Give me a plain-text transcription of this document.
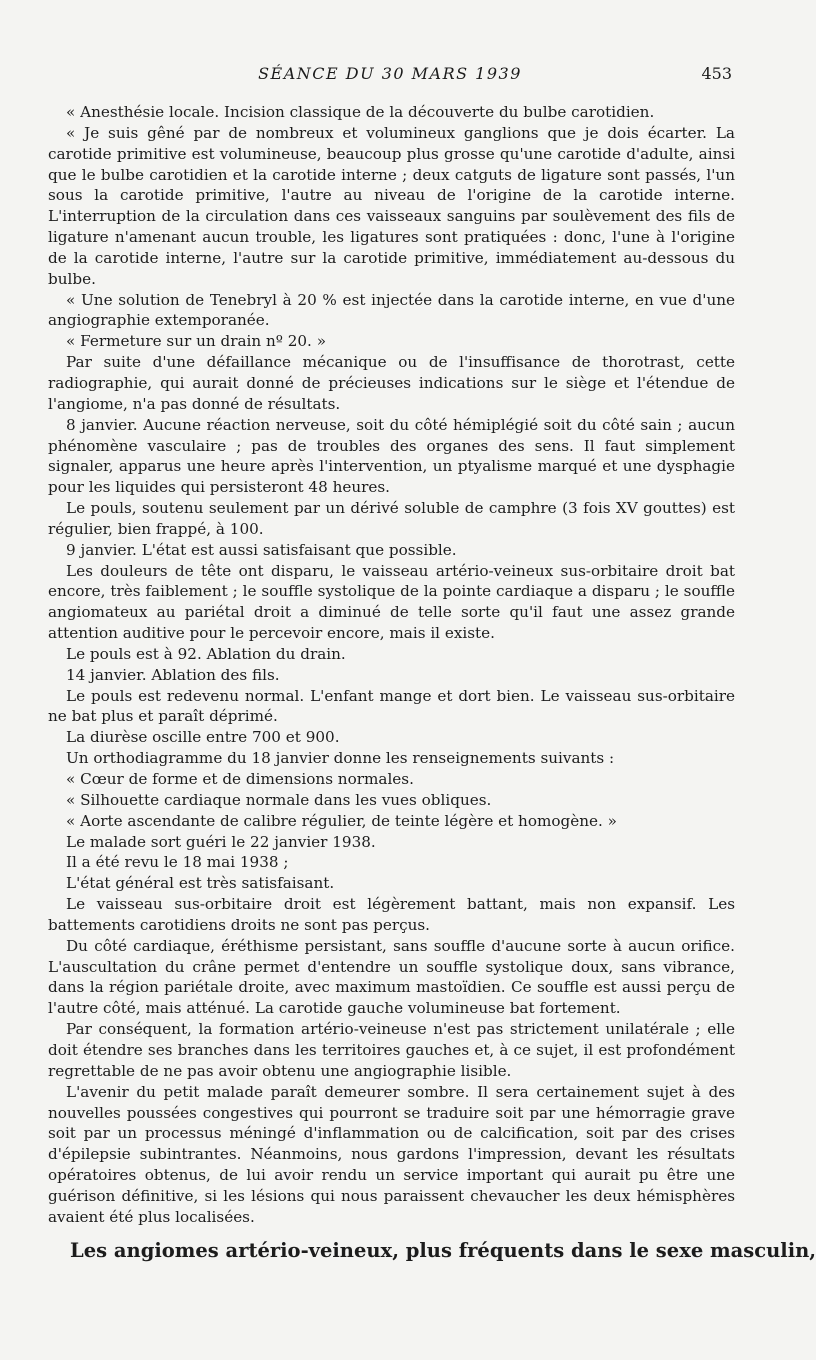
SÉANCE DU 30 MARS 1939	453

« Anesthésie locale. Incision classique de la découverte du bulbe carotidien.

« Je suis gêné par de nombreux et volumineux ganglions que je dois écarter. La carotide primitive est volumineuse, beaucoup plus grosse qu'une carotide d'adulte, ainsi que le bulbe carotidien et la carotide interne ; deux catguts de ligature sont passés, l'un sous la carotide primitive, l'autre au niveau de l'origine de la carotide interne. L'interruption de la circulation dans ces vaisseaux sanguins par soulèvement des fils de ligature n'amenant aucun trouble, les ligatures sont pratiquées : donc, l'une à l'origine de la carotide interne, l'autre sur la carotide primitive, immédiatement au-dessous du bulbe.

« Une solution de Tenebryl à 20 % est injectée dans la carotide interne, en vue d'une angiographie extemporanée.

« Fermeture sur un drain nº 20. »

Par suite d'une défaillance mécanique ou de l'insuffisance de thorotrast, cette radiographie, qui aurait donné de précieuses indications sur le siège et l'étendue de l'angiome, n'a pas donné de résultats.

8 janvier. Aucune réaction nerveuse, soit du côté hémiplégié soit du côté sain ; aucun phénomène vasculaire ; pas de troubles des organes des sens. Il faut simplement signaler, apparus une heure après l'intervention, un ptyalisme marqué et une dysphagie pour les liquides qui persisteront 48 heures.

Le pouls, soutenu seulement par un dérivé soluble de camphre (3 fois XV gouttes) est régulier, bien frappé, à 100.

9 janvier. L'état est aussi satisfaisant que possible.

Les douleurs de tête ont disparu, le vaisseau artério-veineux sus-orbitaire droit bat encore, très faiblement ; le souffle systolique de la pointe cardiaque a disparu ; le souffle angiomateux au pariétal droit a diminué de telle sorte qu'il faut une assez grande attention auditive pour le percevoir encore, mais il existe.

Le pouls est à 92. Ablation du drain.

14 janvier. Ablation des fils.

Le pouls est redevenu normal. L'enfant mange et dort bien. Le vaisseau sus-orbitaire ne bat plus et paraît déprimé.

La diurèse oscille entre 700 et 900.

Un orthodiagramme du 18 janvier donne les renseignements suivants :

« Cœur de forme et de dimensions normales.

« Silhouette cardiaque normale dans les vues obliques.

« Aorte ascendante de calibre régulier, de teinte légère et homogène. »

Le malade sort guéri le 22 janvier 1938.

Il a été revu le 18 mai 1938 ;

L'état général est très satisfaisant.

Le vaisseau sus-orbitaire droit est légèrement battant, mais non expansif. Les battements carotidiens droits ne sont pas perçus.

Du côté cardiaque, éréthisme persistant, sans souffle d'aucune sorte à aucun orifice. L'auscultation du crâne permet d'entendre un souffle systolique doux, sans vibrance, dans la région pariétale droite, avec maximum mastoïdien. Ce souffle est aussi perçu de l'autre côté, mais atténué. La carotide gauche volumineuse bat fortement.

Par conséquent, la formation artério-veineuse n'est pas strictement unilatérale ; elle doit étendre ses branches dans les territoires gauches et, à ce sujet, il est profondément regrettable de ne pas avoir obtenu une angiographie lisible.

L'avenir du petit malade paraît demeurer sombre. Il sera certainement sujet à des nouvelles poussées congestives qui pourront se traduire soit par une hémorragie grave soit par un processus méningé d'inflammation ou de calcification, soit par des crises d'épilepsie subintrantes. Néanmoins, nous gardons l'impression, devant les résultats opératoires obtenus, de lui avoir rendu un service important qui aurait pu être une guérison définitive, si les lésions qui nous paraissent chevaucher les deux hémisphères avaient été plus localisées.

Les angiomes artério-veineux, plus fréquents dans le sexe masculin,
